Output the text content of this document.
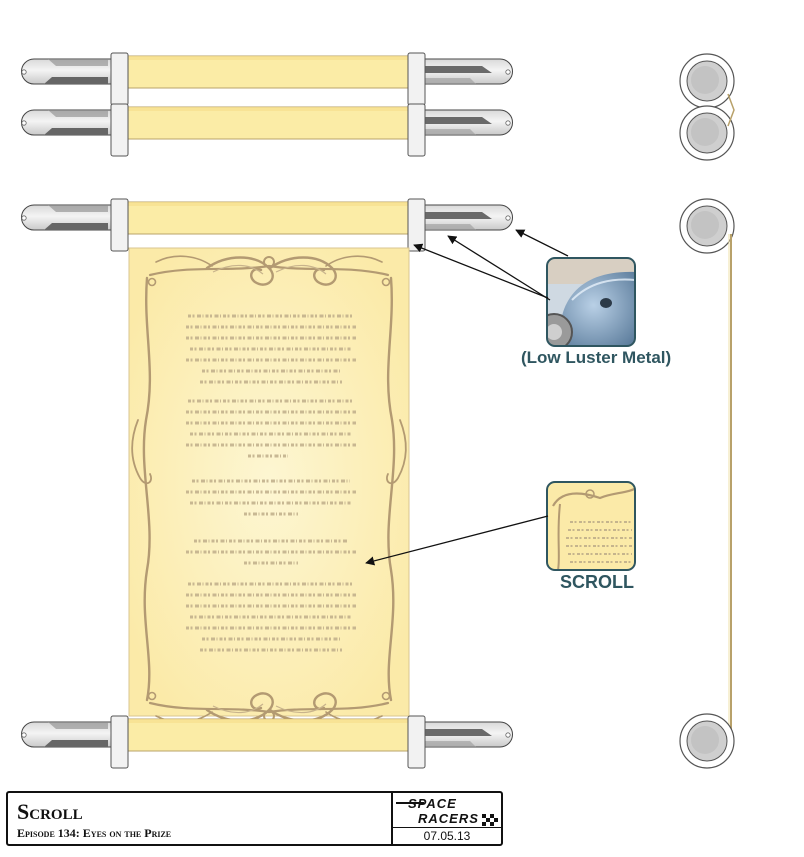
(Low Luster Metal)
SCROLL
Scroll
Episode 134: Eyes on the Prize
SPACE
RACERS
07.05.13
